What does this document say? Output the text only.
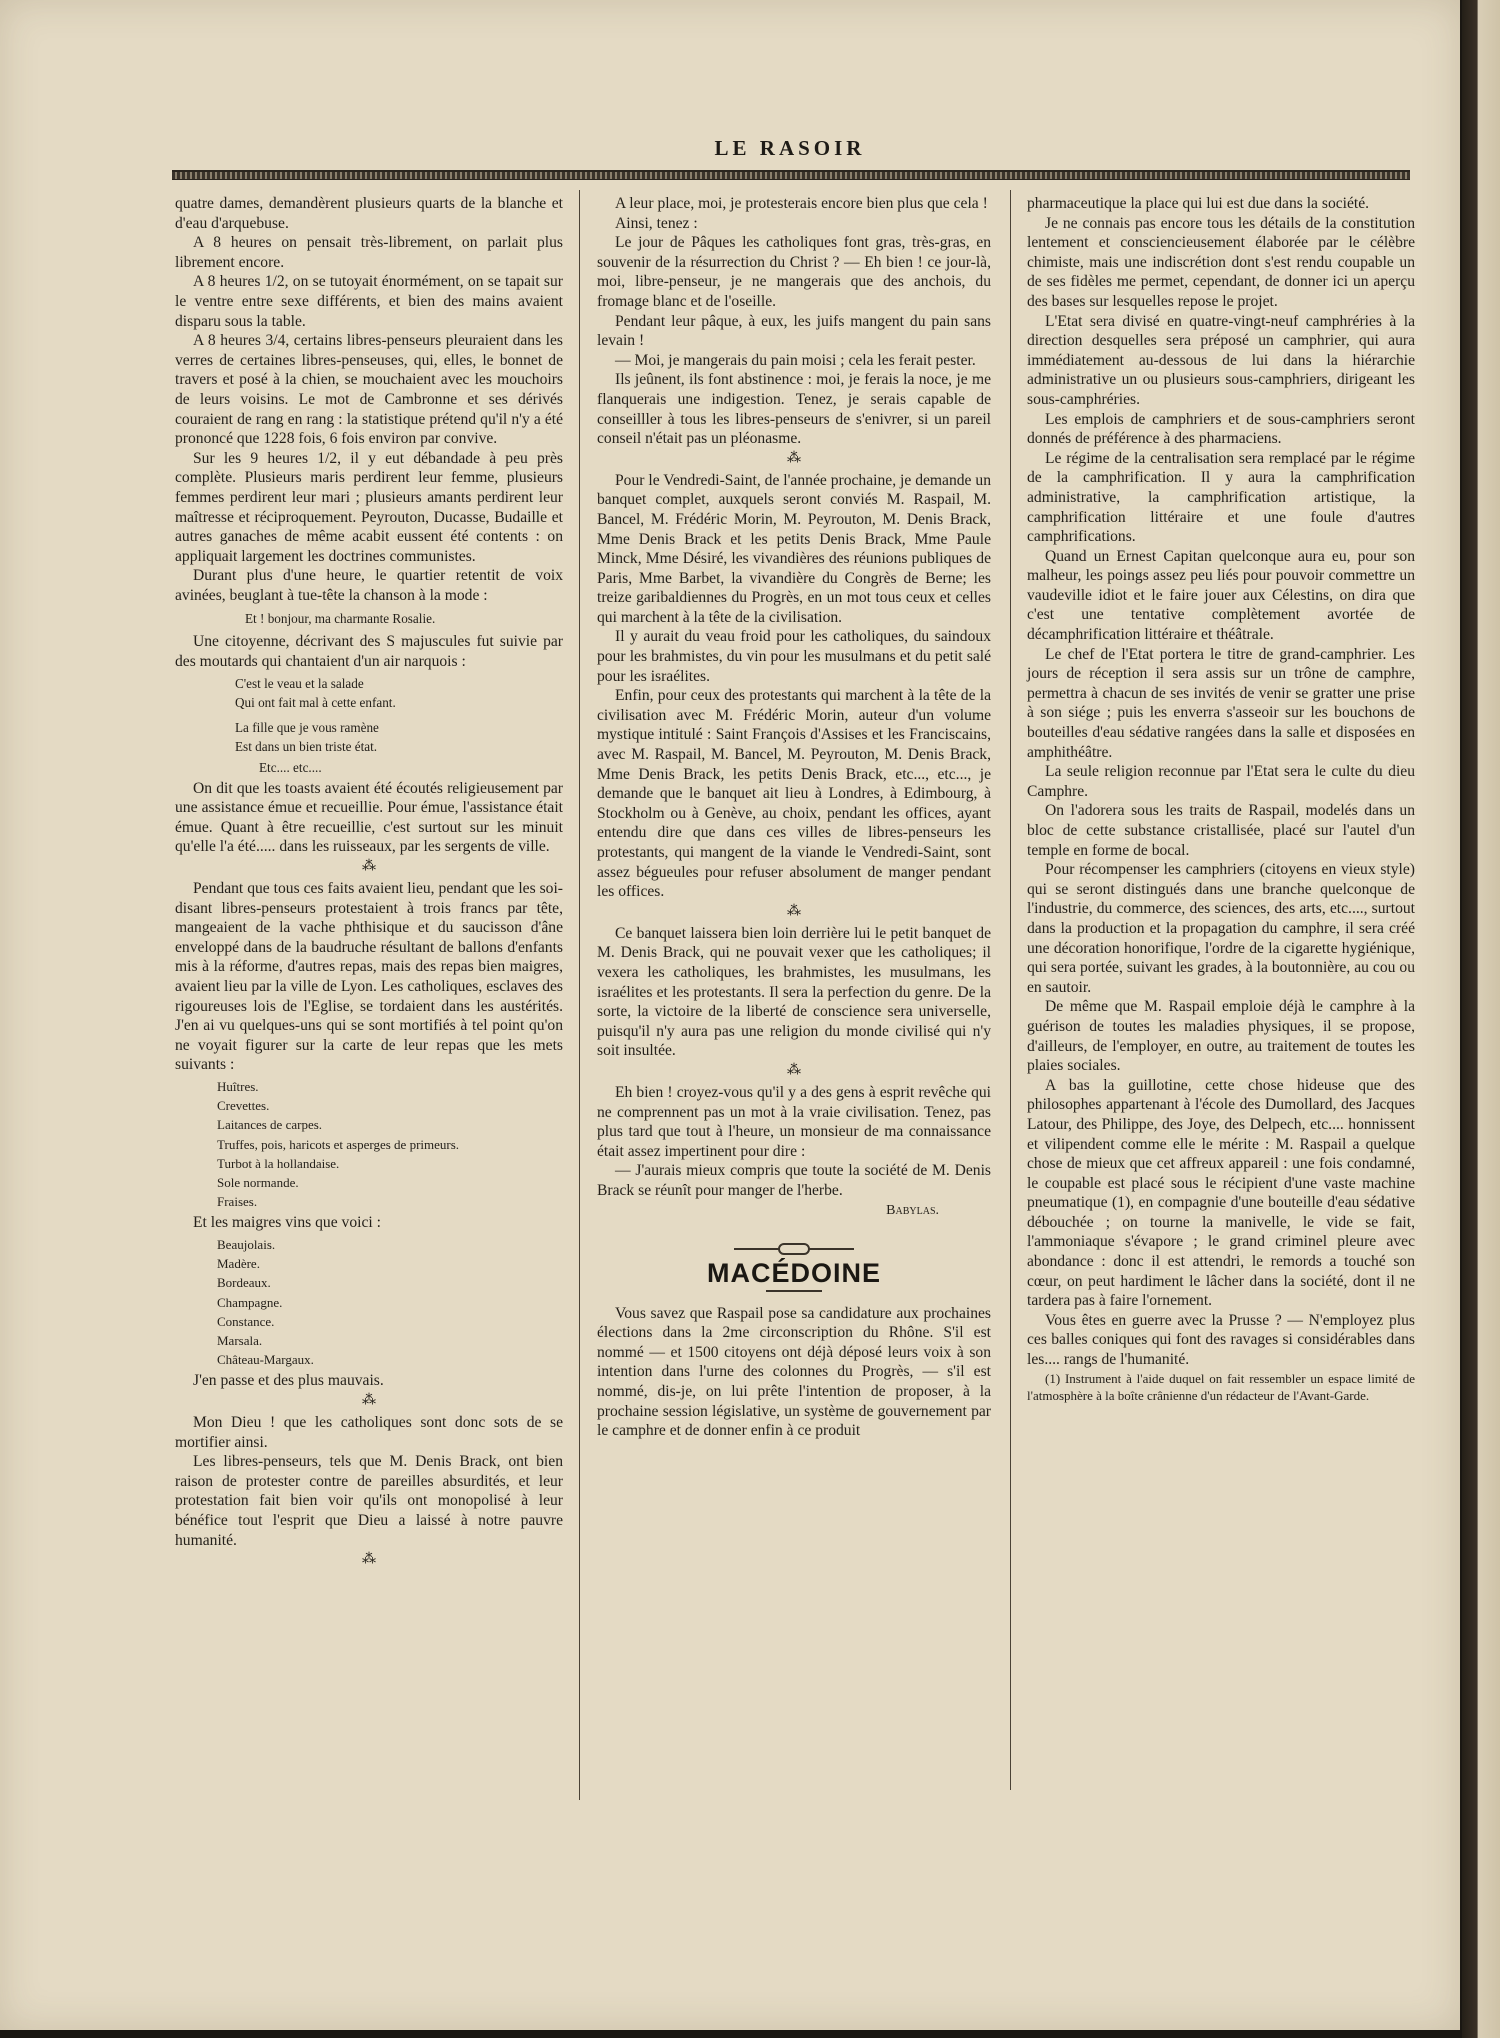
LE RASOIR

quatre dames, demandèrent plusieurs quarts de la blanche et d'eau d'arquebuse.

A 8 heures on pensait très-librement, on parlait plus librement encore.

A 8 heures 1/2, on se tutoyait énormément, on se tapait sur le ventre entre sexe différents, et bien des mains avaient disparu sous la table.

A 8 heures 3/4, certains libres-penseurs pleuraient dans les verres de certaines libres-penseuses, qui, elles, le bonnet de travers et posé à la chien, se mouchaient avec les mouchoirs de leurs voisins. Le mot de Cambronne et ses dérivés couraient de rang en rang : la statistique prétend qu'il n'y a été prononcé que 1228 fois, 6 fois environ par convive.

Sur les 9 heures 1/2, il y eut débandade à peu près complète. Plusieurs maris perdirent leur femme, plusieurs femmes perdirent leur mari ; plusieurs amants perdirent leur maîtresse et réciproquement. Peyrouton, Ducasse, Budaille et autres ganaches de même acabit eussent été contents : on appliquait largement les doctrines communistes.

Durant plus d'une heure, le quartier retentit de voix avinées, beuglant à tue-tête la chanson à la mode :

Et ! bonjour, ma charmante Rosalie.

Une citoyenne, décrivant des S majuscules fut suivie par des moutards qui chantaient d'un air narquois :

C'est le veau et la salade
Qui ont fait mal à cette enfant.
La fille que je vous ramène
Est dans un bien triste état.
Etc.... etc....

On dit que les toasts avaient été écoutés religieusement par une assistance émue et recueillie. Pour émue, l'assistance était émue. Quant à être recueillie, c'est surtout sur les minuit qu'elle l'a été..... dans les ruisseaux, par les sergents de ville.

⁂

Pendant que tous ces faits avaient lieu, pendant que les soi-disant libres-penseurs protestaient à trois francs par tête, mangeaient de la vache phthisique et du saucisson d'âne enveloppé dans de la baudruche résultant de ballons d'enfants mis à la réforme, d'autres repas, mais des repas bien maigres, avaient lieu par la ville de Lyon. Les catholiques, esclaves des rigoureuses lois de l'Eglise, se tordaient dans les austérités. J'en ai vu quelques-uns qui se sont mortifiés à tel point qu'on ne voyait figurer sur la carte de leur repas que les mets suivants :

Huîtres.
Crevettes.
Laitances de carpes.
Truffes, pois, haricots et asperges de primeurs.
Turbot à la hollandaise.
Sole normande.
Fraises.

Et les maigres vins que voici :

Beaujolais.
Madère.
Bordeaux.
Champagne.
Constance.
Marsala.
Château-Margaux.

J'en passe et des plus mauvais.

⁂

Mon Dieu ! que les catholiques sont donc sots de se mortifier ainsi.

Les libres-penseurs, tels que M. Denis Brack, ont bien raison de protester contre de pareilles absurdités, et leur protestation fait bien voir qu'ils ont monopolisé à leur bénéfice tout l'esprit que Dieu a laissé à notre pauvre humanité.

⁂

A leur place, moi, je protesterais encore bien plus que cela !

Ainsi, tenez :

Le jour de Pâques les catholiques font gras, très-gras, en souvenir de la résurrection du Christ ? — Eh bien ! ce jour-là, moi, libre-penseur, je ne mangerais que des anchois, du fromage blanc et de l'oseille.

Pendant leur pâque, à eux, les juifs mangent du pain sans levain !

— Moi, je mangerais du pain moisi ; cela les ferait pester.

Ils jeûnent, ils font abstinence : moi, je ferais la noce, je me flanquerais une indigestion. Tenez, je serais capable de conseilller à tous les libres-penseurs de s'enivrer, si un pareil conseil n'était pas un pléonasme.

⁂

Pour le Vendredi-Saint, de l'année prochaine, je demande un banquet complet, auxquels seront conviés M. Raspail, M. Bancel, M. Frédéric Morin, M. Peyrouton, M. Denis Brack, Mme Denis Brack et les petits Denis Brack, Mme Paule Minck, Mme Désiré, les vivandières des réunions publiques de Paris, Mme Barbet, la vivandière du Congrès de Berne; les treize garibaldiennes du Progrès, en un mot tous ceux et celles qui marchent à la tête de la civilisation.

Il y aurait du veau froid pour les catholiques, du saindoux pour les brahmistes, du vin pour les musulmans et du petit salé pour les israélites.

Enfin, pour ceux des protestants qui marchent à la tête de la civilisation avec M. Frédéric Morin, auteur d'un volume mystique intitulé : Saint François d'Assises et les Franciscains, avec M. Raspail, M. Bancel, M. Peyrouton, M. Denis Brack, Mme Denis Brack, les petits Denis Brack, etc..., etc..., je demande que le banquet ait lieu à Londres, à Edimbourg, à Stockholm ou à Genève, au choix, pendant les offices, ayant entendu dire que dans ces villes de libres-penseurs les protestants, qui mangent de la viande le Vendredi-Saint, sont assez bégueules pour refuser absolument de manger pendant les offices.

⁂

Ce banquet laissera bien loin derrière lui le petit banquet de M. Denis Brack, qui ne pouvait vexer que les catholiques; il vexera les catholiques, les brahmistes, les musulmans, les israélites et les protestants. Il sera la perfection du genre. De la sorte, la victoire de la liberté de conscience sera universelle, puisqu'il n'y aura pas une religion du monde civilisé qui n'y soit insultée.

⁂

Eh bien ! croyez-vous qu'il y a des gens à esprit revêche qui ne comprennent pas un mot à la vraie civilisation. Tenez, pas plus tard que tout à l'heure, un monsieur de ma connaissance était assez impertinent pour dire :

— J'aurais mieux compris que toute la société de M. Denis Brack se réunît pour manger de l'herbe.

Babylas.
MACÉDOINE

Vous savez que Raspail pose sa candidature aux prochaines élections dans la 2me circonscription du Rhône. S'il est nommé — et 1500 citoyens ont déjà déposé leurs voix à son intention dans l'urne des colonnes du Progrès, — s'il est nommé, dis-je, on lui prête l'intention de proposer, à la prochaine session législative, un système de gouvernement par le camphre et de donner enfin à ce produit

pharmaceutique la place qui lui est due dans la société.

Je ne connais pas encore tous les détails de la constitution lentement et consciencieusement élaborée par le célèbre chimiste, mais une indiscrétion dont s'est rendu coupable un de ses fidèles me permet, cependant, de donner ici un aperçu des bases sur lesquelles repose le projet.

L'Etat sera divisé en quatre-vingt-neuf camphréries à la direction desquelles sera préposé un camphrier, qui aura immédiatement au-dessous de lui dans la hiérarchie administrative un ou plusieurs sous-camphriers, dirigeant les sous-camphréries.

Les emplois de camphriers et de sous-camphriers seront donnés de préférence à des pharmaciens.

Le régime de la centralisation sera remplacé par le régime de la camphrification. Il y aura la camphrification administrative, la camphrification artistique, la camphrification littéraire et une foule d'autres camphrifications.

Quand un Ernest Capitan quelconque aura eu, pour son malheur, les poings assez peu liés pour pouvoir commettre un vaudeville idiot et le faire jouer aux Célestins, on dira que c'est une tentative complètement avortée de décamphrification littéraire et théâtrale.

Le chef de l'Etat portera le titre de grand-camphrier. Les jours de réception il sera assis sur un trône de camphre, permettra à chacun de ses invités de venir se gratter une prise à son siége ; puis les enverra s'asseoir sur les bouchons de bouteilles d'eau sédative rangées dans la salle et disposées en amphithéâtre.

La seule religion reconnue par l'Etat sera le culte du dieu Camphre.

On l'adorera sous les traits de Raspail, modelés dans un bloc de cette substance cristallisée, placé sur l'autel d'un temple en forme de bocal.

Pour récompenser les camphriers (citoyens en vieux style) qui se seront distingués dans une branche quelconque de l'industrie, du commerce, des sciences, des arts, etc...., surtout dans la production et la propagation du camphre, il sera créé une décoration honorifique, l'ordre de la cigarette hygiénique, qui sera portée, suivant les grades, à la boutonnière, au cou ou en sautoir.

De même que M. Raspail emploie déjà le camphre à la guérison de toutes les maladies physiques, il se propose, d'ailleurs, de l'employer, en outre, au traitement de toutes les plaies sociales.

A bas la guillotine, cette chose hideuse que des philosophes appartenant à l'école des Dumollard, des Jacques Latour, des Philippe, des Joye, des Delpech, etc.... honnissent et vilipendent comme elle le mérite : M. Raspail a quelque chose de mieux que cet affreux appareil : une fois condamné, le coupable est placé sous le récipient d'une vaste machine pneumatique (1), en compagnie d'une bouteille d'eau sédative débouchée ; on tourne la manivelle, le vide se fait, l'ammoniaque s'évapore ; le grand criminel pleure avec abondance : donc il est attendri, le remords a touché son cœur, on peut hardiment le lâcher dans la société, dont il ne tardera pas à faire l'ornement.

Vous êtes en guerre avec la Prusse ? — N'employez plus ces balles coniques qui font des ravages si considérables dans les.... rangs de l'humanité.

(1) Instrument à l'aide duquel on fait ressembler un espace limité de l'atmosphère à la boîte crânienne d'un rédacteur de l'Avant-Garde.
